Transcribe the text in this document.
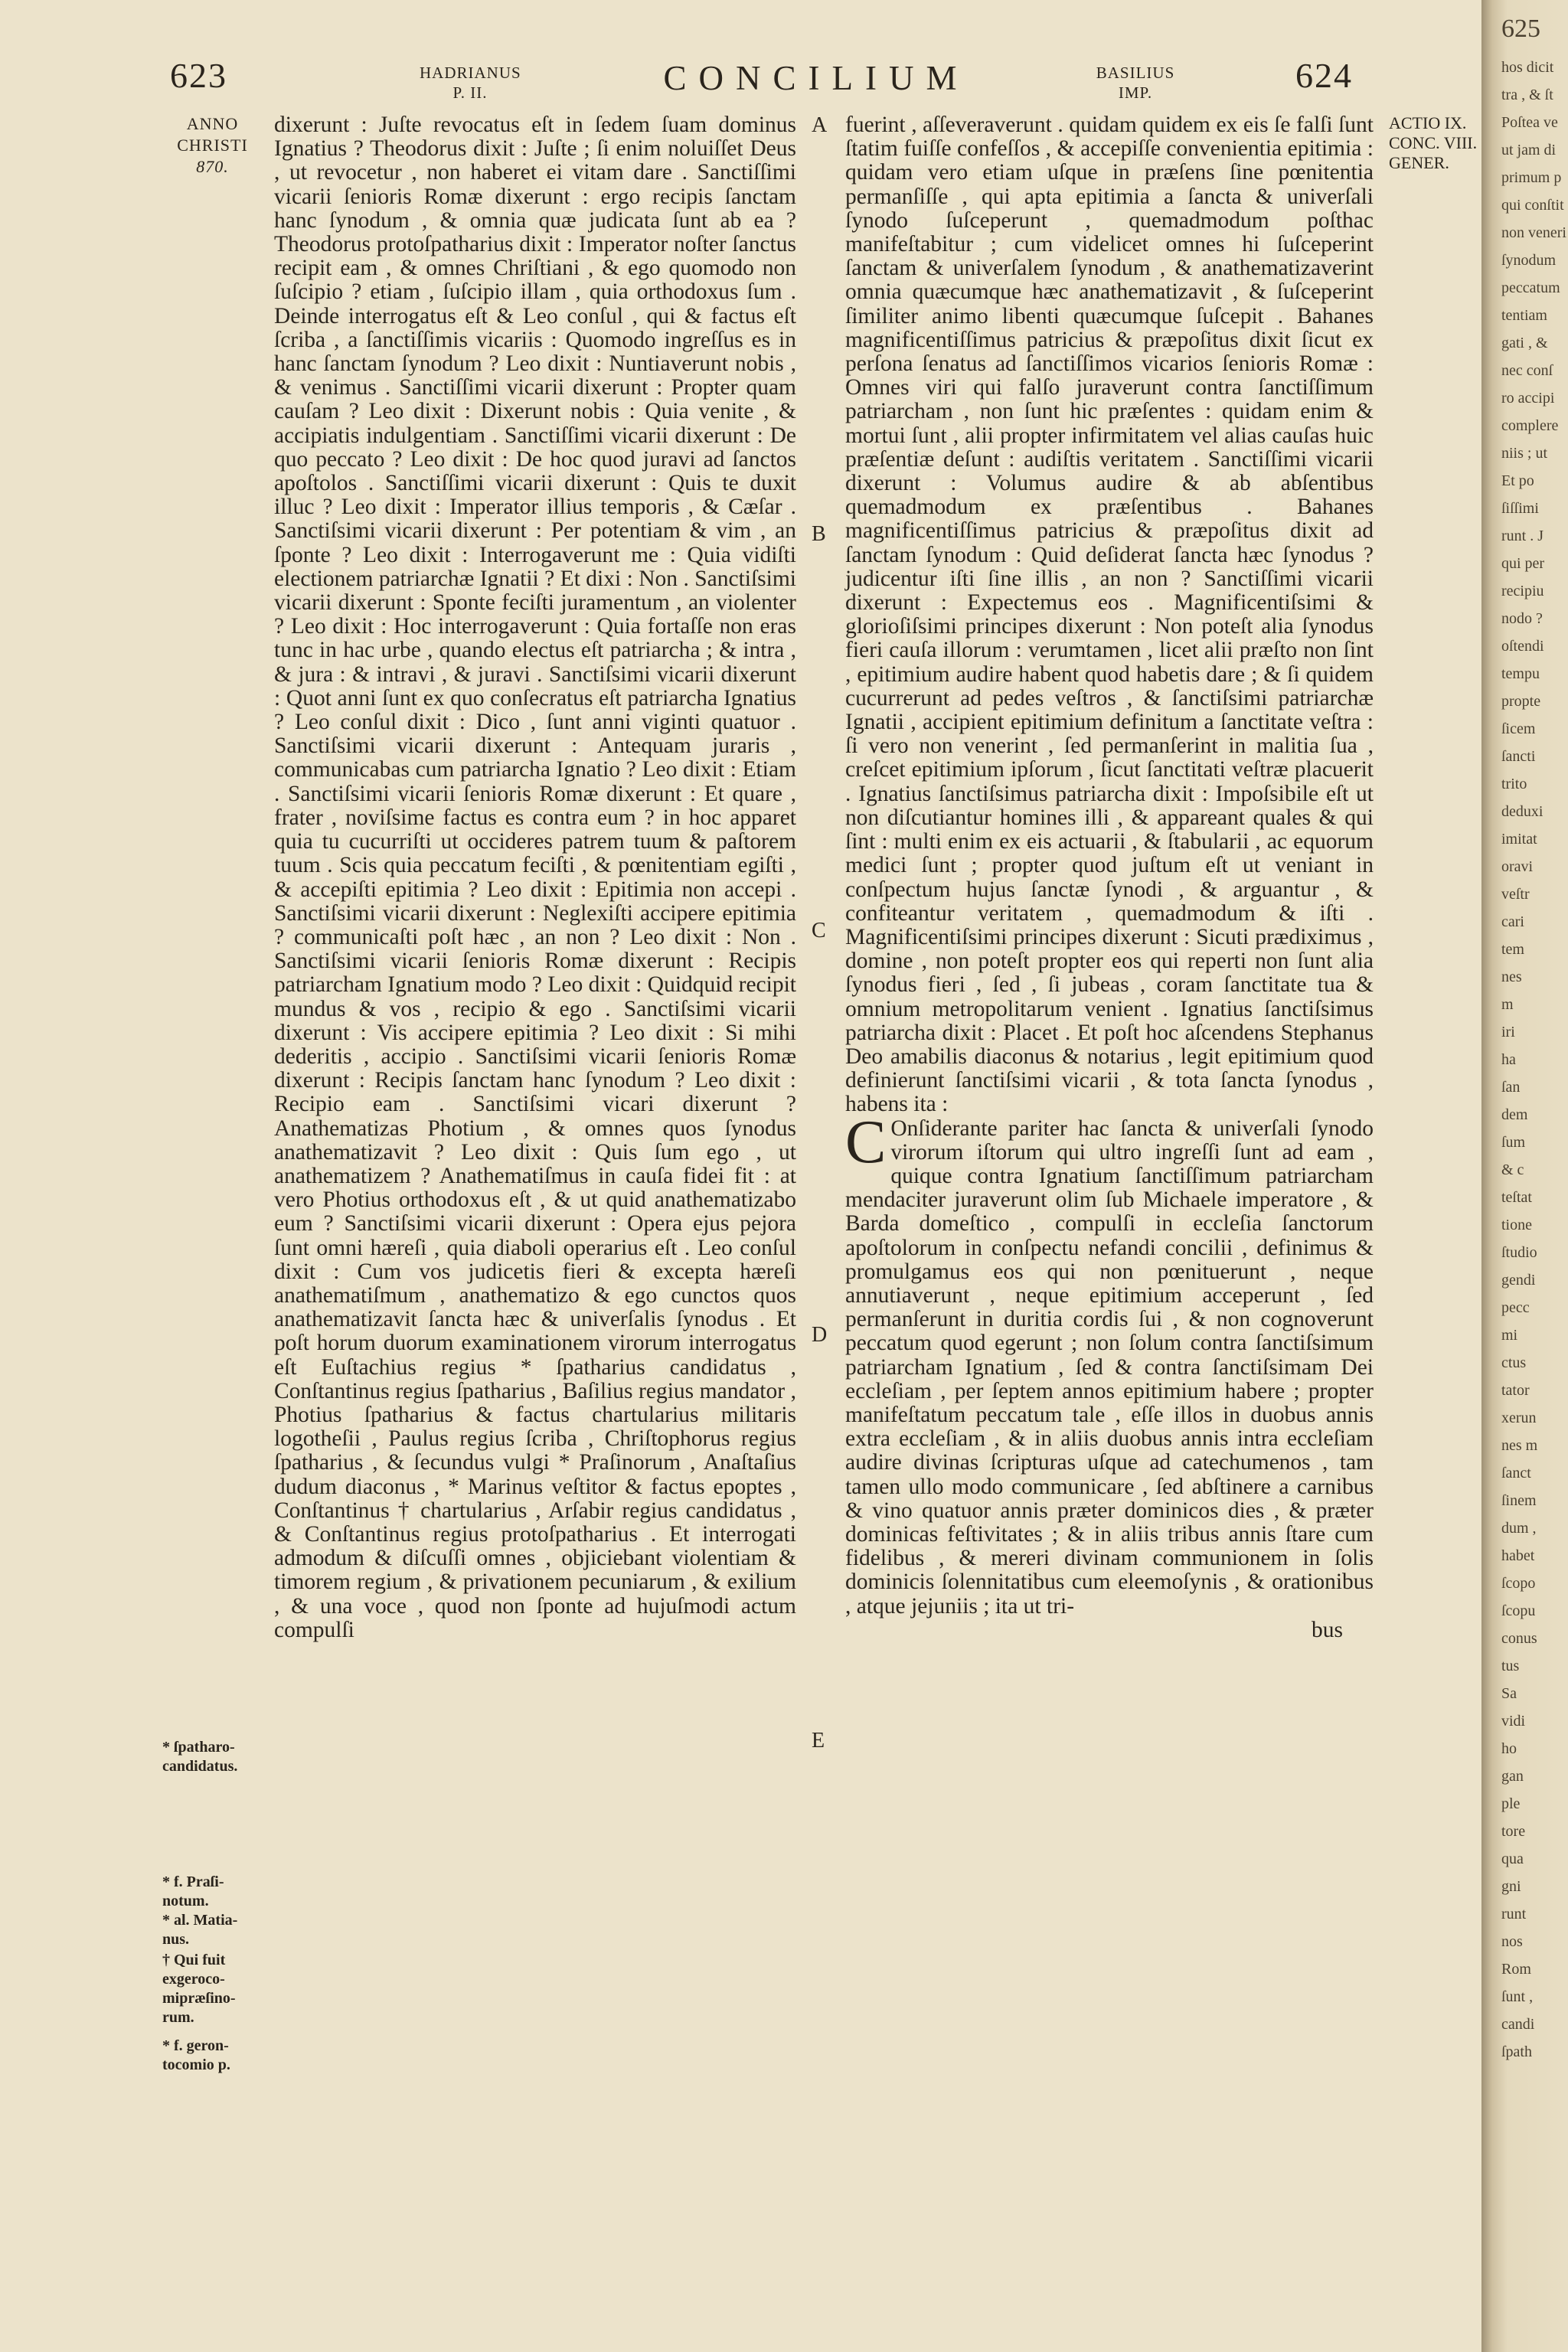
623	HADRIANUS
P. II.	CONCILIUM	BASILIUS
IMP.	624
ANNO
CHRISTI
870.
* ſpatharo-
candidatus.
* f. Praſi-
notum.
* al. Matia-
nus.
† Qui fuit
exgeroco-
mipræſino-
rum.
* f. geron-
tocomio p.

dixerunt : Juſte revocatus eſt in ſedem ſuam dominus Ignatius ? Theodorus dixit : Juſte ; ſi enim noluiſſet Deus , ut revocetur , non haberet ei vitam dare . Sanctiſſimi vicarii ſenioris Romæ dixerunt : ergo recipis ſanctam hanc ſynodum , & omnia quæ judicata ſunt ab ea ? Theodorus protoſpatharius dixit : Imperator noſter ſanctus recipit eam , & omnes Chriſtiani , & ego quomodo non ſuſcipio ? etiam , ſuſcipio illam , quia orthodoxus ſum . Deinde interrogatus eſt & Leo conſul , qui & factus eſt ſcriba , a ſanctiſſimis vicariis : Quomodo ingreſſus es in hanc ſanctam ſynodum ? Leo dixit : Nuntiaverunt nobis , & venimus . Sanctiſſimi vicarii dixerunt : Propter quam cauſam ? Leo dixit : Dixerunt nobis : Quia venite , & accipiatis indulgentiam . Sanctiſſimi vicarii dixerunt : De quo peccato ? Leo dixit : De hoc quod juravi ad ſanctos apoſtolos . Sanctiſſimi vicarii dixerunt : Quis te duxit illuc ? Leo dixit : Imperator illius temporis , & Cæſar . Sanctiſsimi vicarii dixerunt : Per potentiam & vim , an ſponte ? Leo dixit : Interrogaverunt me : Quia vidiſti electionem patriarchæ Ignatii ? Et dixi : Non . Sanctiſsimi vicarii dixerunt : Sponte feciſti juramentum , an violenter ? Leo dixit : Hoc interrogaverunt : Quia fortaſſe non eras tunc in hac urbe , quando electus eſt patriarcha ; & intra , & jura : & intravi , & juravi . Sanctiſsimi vicarii dixerunt : Quot anni ſunt ex quo conſecratus eſt patriarcha Ignatius ? Leo conſul dixit : Dico , ſunt anni viginti quatuor . Sanctiſsimi vicarii dixerunt : Antequam juraris , communicabas cum patriarcha Ignatio ? Leo dixit : Etiam . Sanctiſsimi vicarii ſenioris Romæ dixerunt : Et quare , frater , noviſsime factus es contra eum ? in hoc apparet quia tu cucurriſti ut occideres patrem tuum & paſtorem tuum . Scis quia peccatum feciſti , & pœnitentiam egiſti , & accepiſti epitimia ? Leo dixit : Epitimia non accepi . Sanctiſsimi vicarii dixerunt : Neglexiſti accipere epitimia ? communicaſti poſt hæc , an non ? Leo dixit : Non . Sanctiſsimi vicarii ſenioris Romæ dixerunt : Recipis patriarcham Ignatium modo ? Leo dixit : Quidquid recipit mundus & vos , recipio & ego . Sanctiſsimi vicarii dixerunt : Vis accipere epitimia ? Leo dixit : Si mihi dederitis , accipio . Sanctiſsimi vicarii ſenioris Romæ dixerunt : Recipis ſanctam hanc ſynodum ? Leo dixit : Recipio eam . Sanctiſsimi vicari dixerunt ? Anathematizas Photium , & omnes quos ſynodus anathematizavit ? Leo dixit : Quis ſum ego , ut anathematizem ? Anathematiſmus in cauſa fidei fit : at vero Photius orthodoxus eſt , & ut quid anathematizabo eum ? Sanctiſsimi vicarii dixerunt : Opera ejus pejora ſunt omni hæreſi , quia diaboli operarius eſt . Leo conſul dixit : Cum vos judicetis fieri & excepta hæreſi anathematiſmum , anathematizo & ego cunctos quos anathematizavit ſancta hæc & univerſalis ſynodus . Et poſt horum duorum examinationem virorum interrogatus eſt Euſtachius regius * ſpatharius candidatus , Conſtantinus regius ſpatharius , Baſilius regius mandator , Photius ſpatharius & factus chartularius militaris logotheſii , Paulus regius ſcriba , Chriſtophorus regius ſpatharius , & ſecundus vulgi * Praſinorum , Anaſtaſius dudum diaconus , * Marinus veſtitor & factus epoptes , Conſtantinus † chartularius , Arſabir regius candidatus , & Conſtantinus regius protoſpatharius . Et interrogati admodum & diſcuſſi omnes , objiciebant violentiam & timorem regium , & privationem pecuniarum , & exilium , & una voce , quod non ſponte ad hujuſmodi actum compulſi

A
B
C
D
E

fuerint , aſſeveraverunt . quidam quidem ex eis ſe falſi ſunt ſtatim fuiſſe confeſſos , & accepiſſe convenientia epitimia : quidam vero etiam uſque in præſens ſine pœnitentia permanſiſſe , qui apta epitimia a ſancta & univerſali ſynodo ſuſceperunt , quemadmodum poſthac manifeſtabitur ; cum videlicet omnes hi ſuſceperint ſanctam & univerſalem ſynodum , & anathematizaverint omnia quæcumque hæc anathematizavit , & ſuſceperint ſimiliter animo libenti quæcumque ſuſcepit . Bahanes magnificentiſſimus patricius & præpoſitus dixit ſicut ex perſona ſenatus ad ſanctiſſimos vicarios ſenioris Romæ : Omnes viri qui falſo juraverunt contra ſanctiſſimum patriarcham , non ſunt hic præſentes : quidam enim & mortui ſunt , alii propter infirmitatem vel alias cauſas huic præſentiæ deſunt : audiſtis veritatem . Sanctiſſimi vicarii dixerunt : Volumus audire & ab abſentibus quemadmodum ex præſentibus . Bahanes magnificentiſſimus patricius & præpoſitus dixit ad ſanctam ſynodum : Quid deſiderat ſancta hæc ſynodus ? judicentur iſti ſine illis , an non ? Sanctiſſimi vicarii dixerunt : Expectemus eos . Magnificentiſsimi & glorioſiſsimi principes dixerunt : Non poteſt alia ſynodus fieri cauſa illorum : verumtamen , licet alii præſto non ſint , epitimium audire habent quod habetis dare ; & ſi quidem cucurrerunt ad pedes veſtros , & ſanctiſsimi patriarchæ Ignatii , accipient epitimium definitum a ſanctitate veſtra : ſi vero non venerint , ſed permanſerint in malitia ſua , creſcet epitimium ipſorum , ſicut ſanctitati veſtræ placuerit . Ignatius ſanctiſsimus patriarcha dixit : Impoſsibile eſt ut non diſcutiantur homines illi , & appareant quales & qui ſint : multi enim ex eis actuarii , & ſtabularii , ac equorum medici ſunt ; propter quod juſtum eſt ut veniant in conſpectum hujus ſanctæ ſynodi , & arguantur , & confiteantur veritatem , quemadmodum & iſti . Magnificentiſsimi principes dixerunt : Sicuti prædiximus , domine , non poteſt propter eos qui reperti non ſunt alia ſynodus fieri , ſed , ſi jubeas , coram ſanctitate tua & omnium metropolitarum venient . Ignatius ſanctiſsimus patriarcha dixit : Placet . Et poſt hoc aſcendens Stephanus Deo amabilis diaconus & notarius , legit epitimium quod definierunt ſanctiſsimi vicarii , & tota ſancta ſynodus , habens ita :

C Onſiderante pariter hac ſancta & univerſali ſynodo virorum iſtorum qui ultro ingreſſi ſunt ad eam , quique contra Ignatium ſanctiſſimum patriarcham mendaciter juraverunt olim ſub Michaele imperatore , & Barda domeſtico , compulſi in eccleſia ſanctorum apoſtolorum in conſpectu nefandi concilii , definimus & promulgamus eos qui non pœnituerunt , neque annutiaverunt , neque epitimium acceperunt , ſed permanſerunt in duritia cordis ſui , & non cognoverunt peccatum quod egerunt ; non ſolum contra ſanctiſsimum patriarcham Ignatium , ſed & contra ſanctiſsimam Dei eccleſiam , per ſeptem annos epitimium habere ; propter manifeſtatum peccatum tale , eſſe illos in duobus annis extra eccleſiam , & in aliis duobus annis intra eccleſiam audire divinas ſcripturas uſque ad catechumenos , tam tamen ullo modo communicare , ſed abſtinere a carnibus & vino quatuor annis præter dominicos dies , & præter dominicas feſtivitates ; & in aliis tribus annis ſtare cum fidelibus , & mereri divinam communionem in ſolis dominicis ſolennitatibus cum eleemoſynis , & orationibus , atque jejuniis ; ita ut tri-

bus

ACTIO IX.
CONC. VIII.
GENER.
625
hos dicit
tra , & ſt
Poſtea ve
ut jam di
primum p
qui conſtit
non veneri
ſynodum
peccatum
tentiam
gati , &
nec conſ
ro accipi
complere
niis ; ut
Et po
ſiſſimi
runt . J
qui per
recipiu
nodo ?
oſtendi
tempu
propte
ſicem
ſancti
trito
deduxi
imitat
oravi
veſtr
cari
tem
nes
m
iri
ha
ſan
dem
ſum
& c
teſtat
tione
ſtudio
gendi
pecc
mi
ctus
tator
xerun
nes m
ſanct
ſinem
dum ,
habet
ſcopo
ſcopu
conus
tus
Sa
vidi
ho
gan
ple
tore
qua
gni
runt
nos
Rom
ſunt ,
candi
ſpath
